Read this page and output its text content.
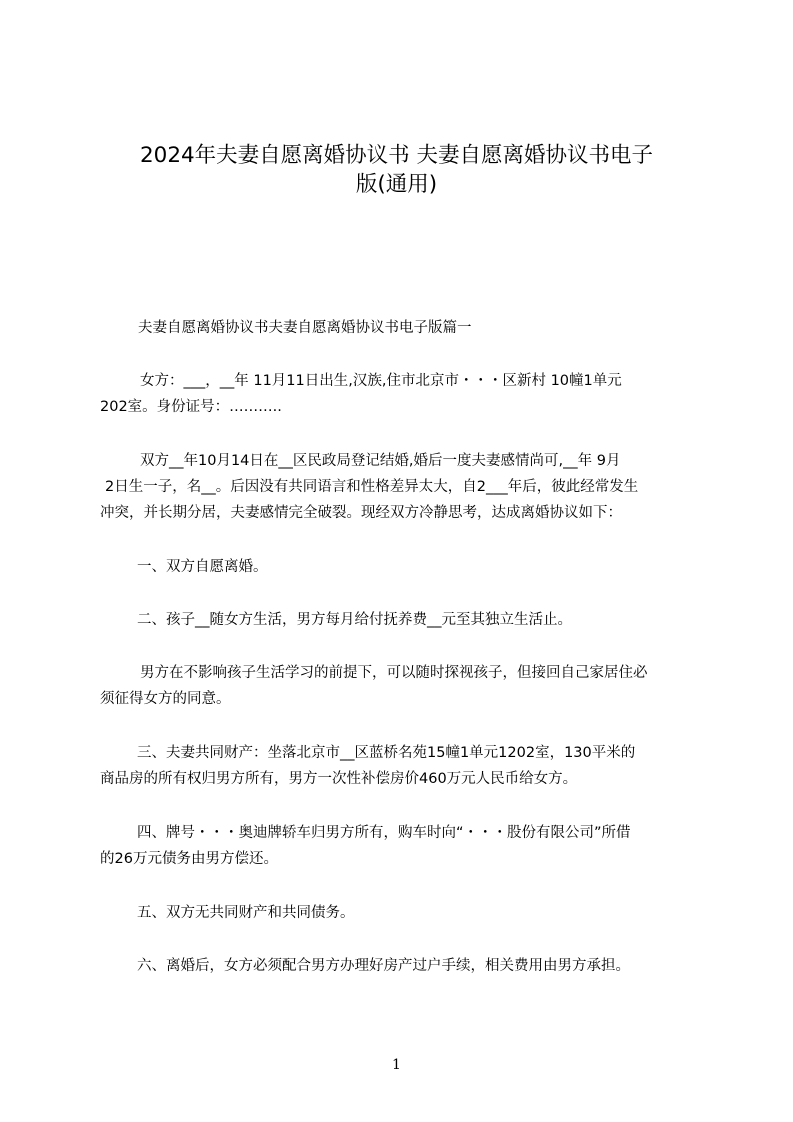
2024年夫妻自愿离婚协议书 夫妻自愿离婚协议书电子
版(通用)

夫妻自愿离婚协议书夫妻自愿离婚协议书电子版篇一

女方：___，__年 11月11日出生,汉族,住市北京市・・・区新村 10幢1单元
202室。身份证号：………..

双方__年10月14日在__区民政局登记结婚,婚后一度夫妻感情尚可,__年 9月
2日生一子，名__。后因没有共同语言和性格差异太大，自2___年后，彼此经常发生
冲突，并长期分居，夫妻感情完全破裂。现经双方冷静思考，达成离婚协议如下：

一、双方自愿离婚。

二、孩子__随女方生活，男方每月给付抚养费__元至其独立生活止。

男方在不影响孩子生活学习的前提下，可以随时探视孩子，但接回自己家居住必
须征得女方的同意。

三、夫妻共同财产：坐落北京市__区蓝桥名苑15幢1单元1202室，130平米的
商品房的所有权归男方所有，男方一次性补偿房价460万元人民币给女方。

四、牌号・・・奥迪牌轿车归男方所有，购车时向“・・・股份有限公司”所借
的26万元债务由男方偿还。

五、双方无共同财产和共同债务。

六、离婚后，女方必须配合男方办理好房产过户手续，相关费用由男方承担。

1
